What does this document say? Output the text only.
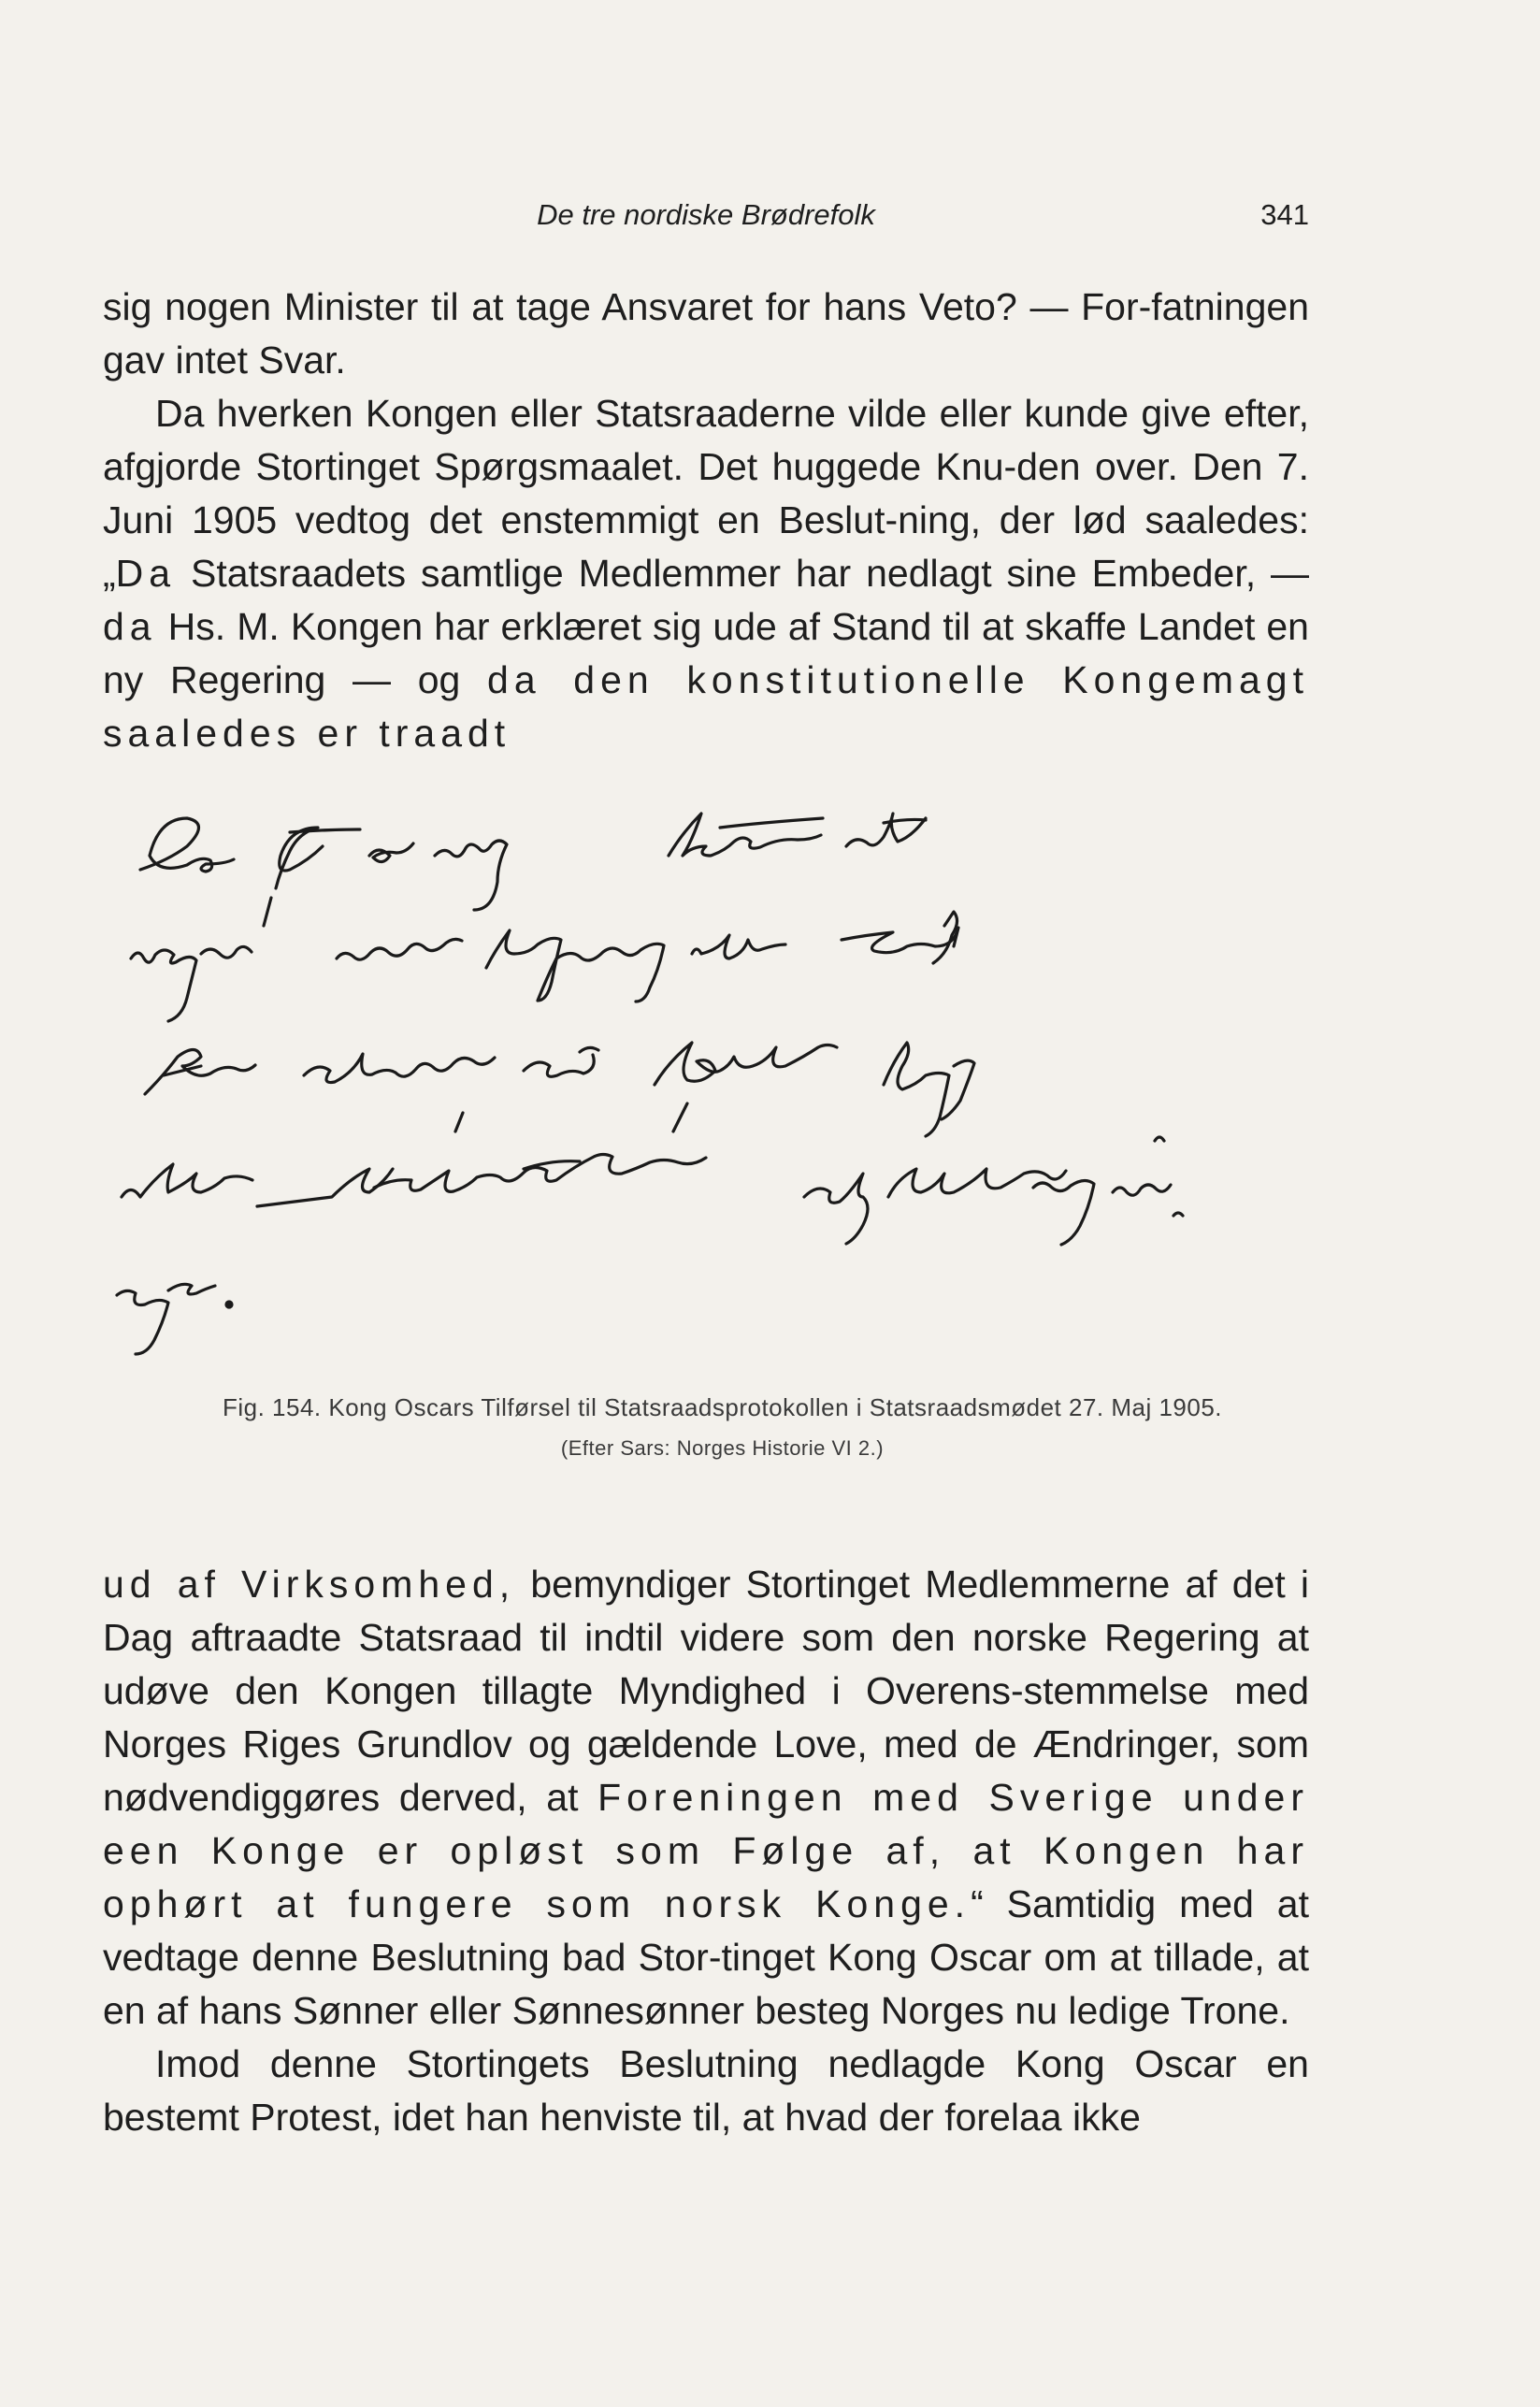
De tre nordiske Brødrefolk	341

sig nogen Minister til at tage Ansvaret for hans Veto? — For-fatningen gav intet Svar.

Da hverken Kongen eller Statsraaderne vilde eller kunde give efter, afgjorde Stortinget Spørgsmaalet. Det huggede Knu-den over. Den 7. Juni 1905 vedtog det enstemmigt en Beslut-ning, der lød saaledes: „Da Statsraadets samtlige Medlemmer har nedlagt sine Embeder, — da Hs. M. Kongen har erklæret sig ude af Stand til at skaffe Landet en ny Regering — og da den konstitutionelle Kongemagt saaledes er traadt

Fig. 154. Kong Oscars Tilførsel til Statsraadsprotokollen i Statsraadsmødet 27. Maj 1905.
(Efter Sars: Norges Historie VI 2.)

ud af Virksomhed, bemyndiger Stortinget Medlemmerne af det i Dag aftraadte Statsraad til indtil videre som den norske Regering at udøve den Kongen tillagte Myndighed i Overens-stemmelse med Norges Riges Grundlov og gældende Love, med de Ændringer, som nødvendiggøres derved, at Foreningen med Sverige under een Konge er opløst som Følge af, at Kongen har ophørt at fungere som norsk Konge.“ Samtidig med at vedtage denne Beslutning bad Stor-tinget Kong Oscar om at tillade, at en af hans Sønner eller Sønnesønner besteg Norges nu ledige Trone.

Imod denne Stortingets Beslutning nedlagde Kong Oscar en bestemt Protest, idet han henviste til, at hvad der forelaa ikke
